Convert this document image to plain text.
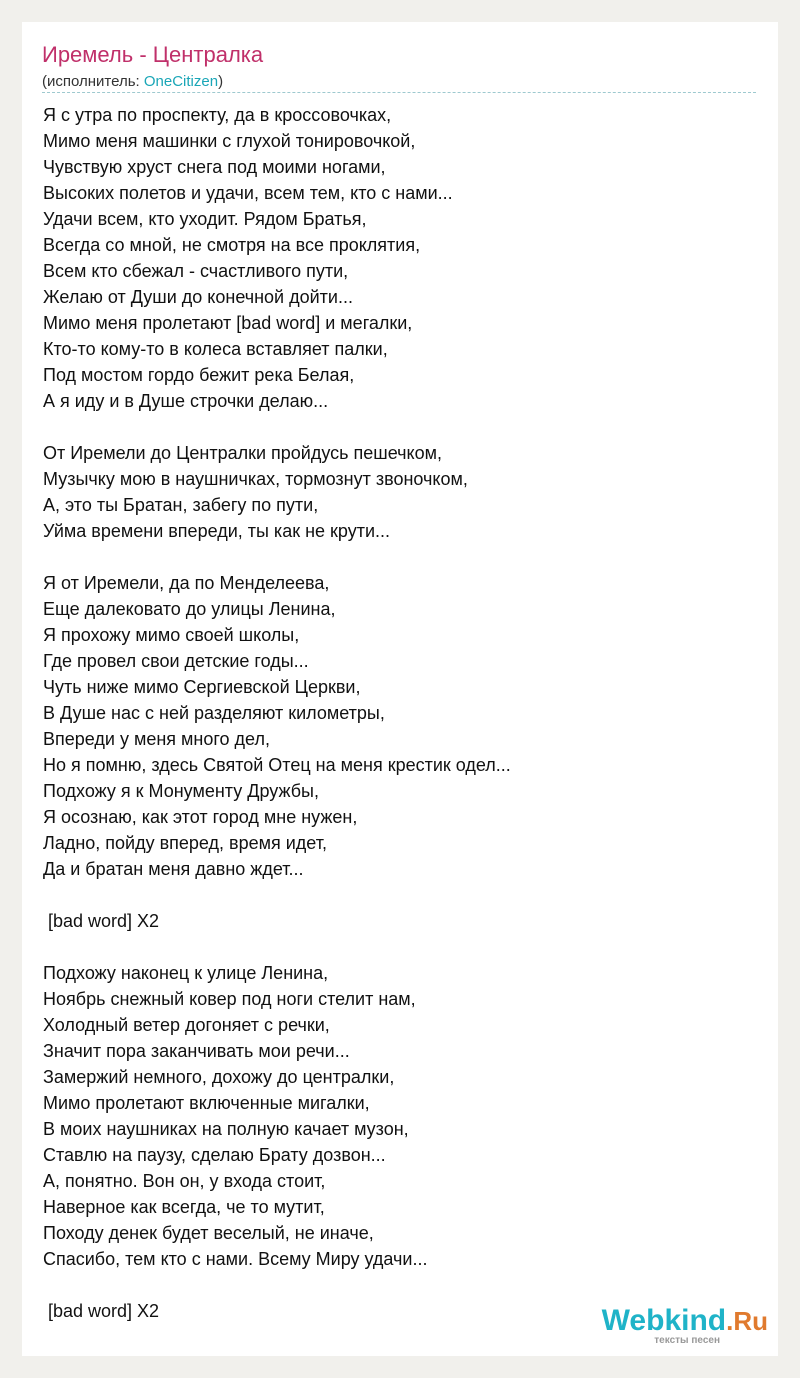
Иремель - Централка
(исполнитель: OneCitizen)
Я с утра по проспекту, да в кроссовочках,
Мимо меня машинки с глухой тонировочкой,
Чувствую хруст снега под моими ногами,
Высоких полетов и удачи, всем тем, кто с нами...
Удачи всем, кто уходит. Рядом Братья,
Всегда со мной, не смотря на все проклятия,
Всем кто сбежал - счастливого пути,
Желаю от Души до конечной дойти...
Мимо меня пролетают [bad word] и мегалки,
Кто-то кому-то в колеса вставляет палки,
Под мостом гордо бежит река Белая,
А я иду и в Душе строчки делаю...
От Иремели до Централки пройдусь пешечком,
Музычку мою в наушничках, тормознут звоночком,
А, это ты Братан, забегу по пути,
Уйма времени впереди, ты как не крути...
Я от Иремели, да по Менделеева,
Еще далековато до улицы Ленина,
Я прохожу мимо своей школы,
Где провел свои детские годы...
Чуть ниже мимо Сергиевской Церкви,
В Душе нас с ней разделяют километры,
Впереди у меня много дел,
Но я помню, здесь Святой Отец на меня крестик одел...
Подхожу я к Монументу Дружбы,
Я осознаю, как этот город мне нужен,
Ладно, пойду вперед, время идет,
Да и братан меня давно ждет...
[bad word] X2
Подхожу наконец к улице Ленина,
Ноябрь снежный ковер под ноги стелит нам,
Холодный ветер догоняет с речки,
Значит пора заканчивать мои речи...
Замержий немного, дохожу до централки,
Мимо пролетают включенные мигалки,
В моих наушниках на полную качает музон,
Ставлю на паузу, сделаю Брату дозвон...
А, понятно. Вон он, у входа стоит,
Наверное как всегда, че то мутит,
Походу денек будет веселый, не иначе,
Спасибо, тем кто с нами. Всему Миру удачи...
[bad word] X2	Webkind.Ru
тексты песен
